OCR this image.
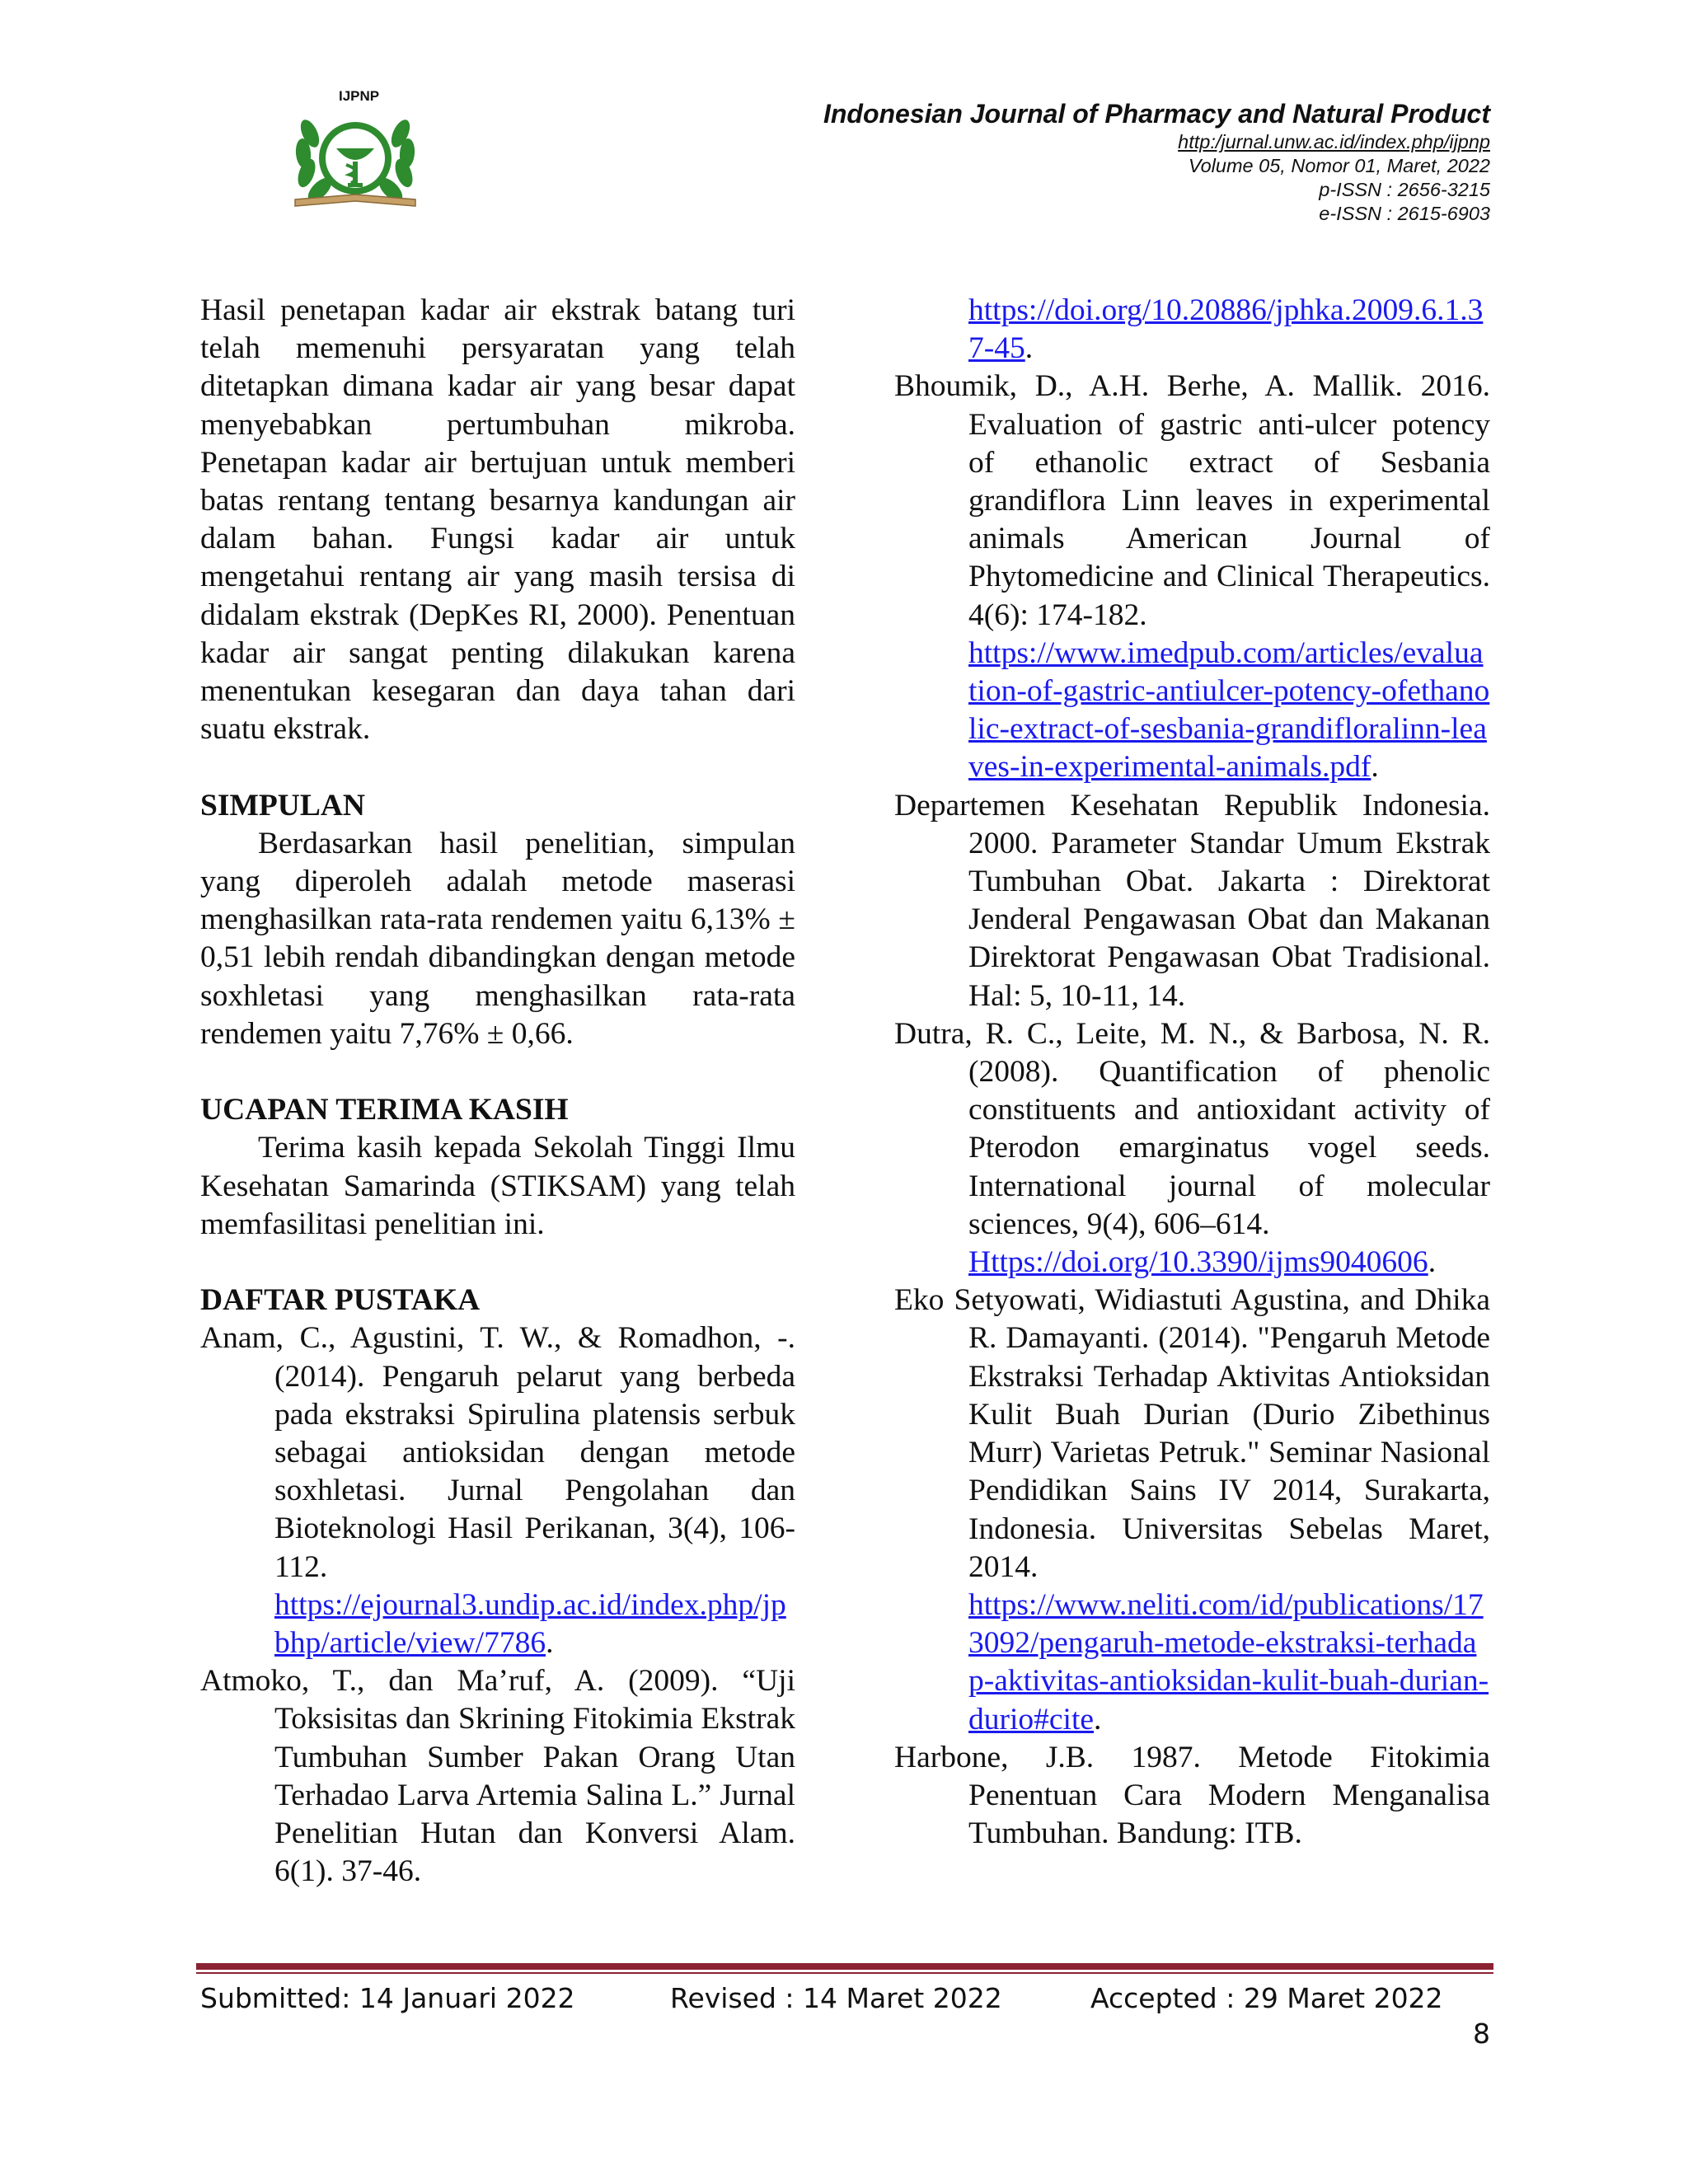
IJPNP
Indonesian Journal of Pharmacy and Natural Product
http:/jurnal.unw.ac.id/index.php/ijpnp
Volume 05, Nomor 01, Maret, 2022
p-ISSN : 2656-3215
e-ISSN : 2615-6903

Hasil penetapan kadar air ekstrak batang turi telah memenuhi persyaratan yang telah ditetapkan dimana kadar air yang besar dapat menyebabkan pertumbuhan mikroba. Penetapan kadar air bertujuan untuk memberi batas rentang tentang besarnya kandungan air dalam bahan. Fungsi kadar air untuk mengetahui rentang air yang masih tersisa di didalam ekstrak (DepKes RI, 2000). Penentuan kadar air sangat penting dilakukan karena menentukan kesegaran dan daya tahan dari suatu ekstrak.

SIMPULAN

Berdasarkan hasil penelitian, simpulan yang diperoleh adalah metode maserasi menghasilkan rata-rata rendemen yaitu 6,13% ± 0,51 lebih rendah dibandingkan dengan metode soxhletasi yang menghasilkan rata-rata rendemen yaitu 7,76% ± 0,66.

UCAPAN TERIMA KASIH

Terima kasih kepada Sekolah Tinggi Ilmu Kesehatan Samarinda (STIKSAM) yang telah memfasilitasi penelitian ini.

DAFTAR PUSTAKA

Anam, C., Agustini, T. W., & Romadhon, -. (2014). Pengaruh pelarut yang berbeda pada ekstraksi Spirulina platensis serbuk sebagai antioksidan dengan metode soxhletasi. Jurnal Pengolahan dan Bioteknologi Hasil Perikanan, 3(4), 106-112.

https://ejournal3.undip.ac.id/index.php/jpbhp/article/view/7786.

Atmoko, T., dan Ma’ruf, A. (2009). “Uji Toksisitas dan Skrining Fitokimia Ekstrak Tumbuhan Sumber Pakan Orang Utan Terhadao Larva Artemia Salina L.” Jurnal Penelitian Hutan dan Konversi Alam. 6(1). 37-46.

https://doi.org/10.20886/jphka.2009.6.1.37-45.

Bhoumik, D., A.H. Berhe, A. Mallik. 2016. Evaluation of gastric anti-ulcer potency of ethanolic extract of Sesbania grandiflora Linn leaves in experimental animals American Journal of Phytomedicine and Clinical Therapeutics. 4(6): 174-182.

https://www.imedpub.com/articles/evaluation-of-gastric-antiulcer-potency-ofethanolic-extract-of-sesbania-grandifloralinn-leaves-in-experimental-animals.pdf.

Departemen Kesehatan Republik Indonesia. 2000. Parameter Standar Umum Ekstrak Tumbuhan Obat. Jakarta : Direktorat Jenderal Pengawasan Obat dan Makanan Direktorat Pengawasan Obat Tradisional. Hal: 5, 10-11, 14.

Dutra, R. C., Leite, M. N., & Barbosa, N. R. (2008). Quantification of phenolic constituents and antioxidant activity of Pterodon emarginatus vogel seeds. International journal of molecular sciences, 9(4), 606–614.

Https://doi.org/10.3390/ijms9040606.

Eko Setyowati, Widiastuti Agustina, and Dhika R. Damayanti. (2014). "Pengaruh Metode Ekstraksi Terhadap Aktivitas Antioksidan Kulit Buah Durian (Durio Zibethinus Murr) Varietas Petruk." Seminar Nasional Pendidikan Sains IV 2014, Surakarta, Indonesia. Universitas Sebelas Maret, 2014.

https://www.neliti.com/id/publications/173092/pengaruh-metode-ekstraksi-terhadap-aktivitas-antioksidan-kulit-buah-durian-durio#cite.

Harbone, J.B. 1987. Metode Fitokimia Penentuan Cara Modern Menganalisa Tumbuhan. Bandung: ITB.

Submitted: 14 Januari 2022	Revised : 14 Maret 2022	Accepted : 29 Maret 2022
8
